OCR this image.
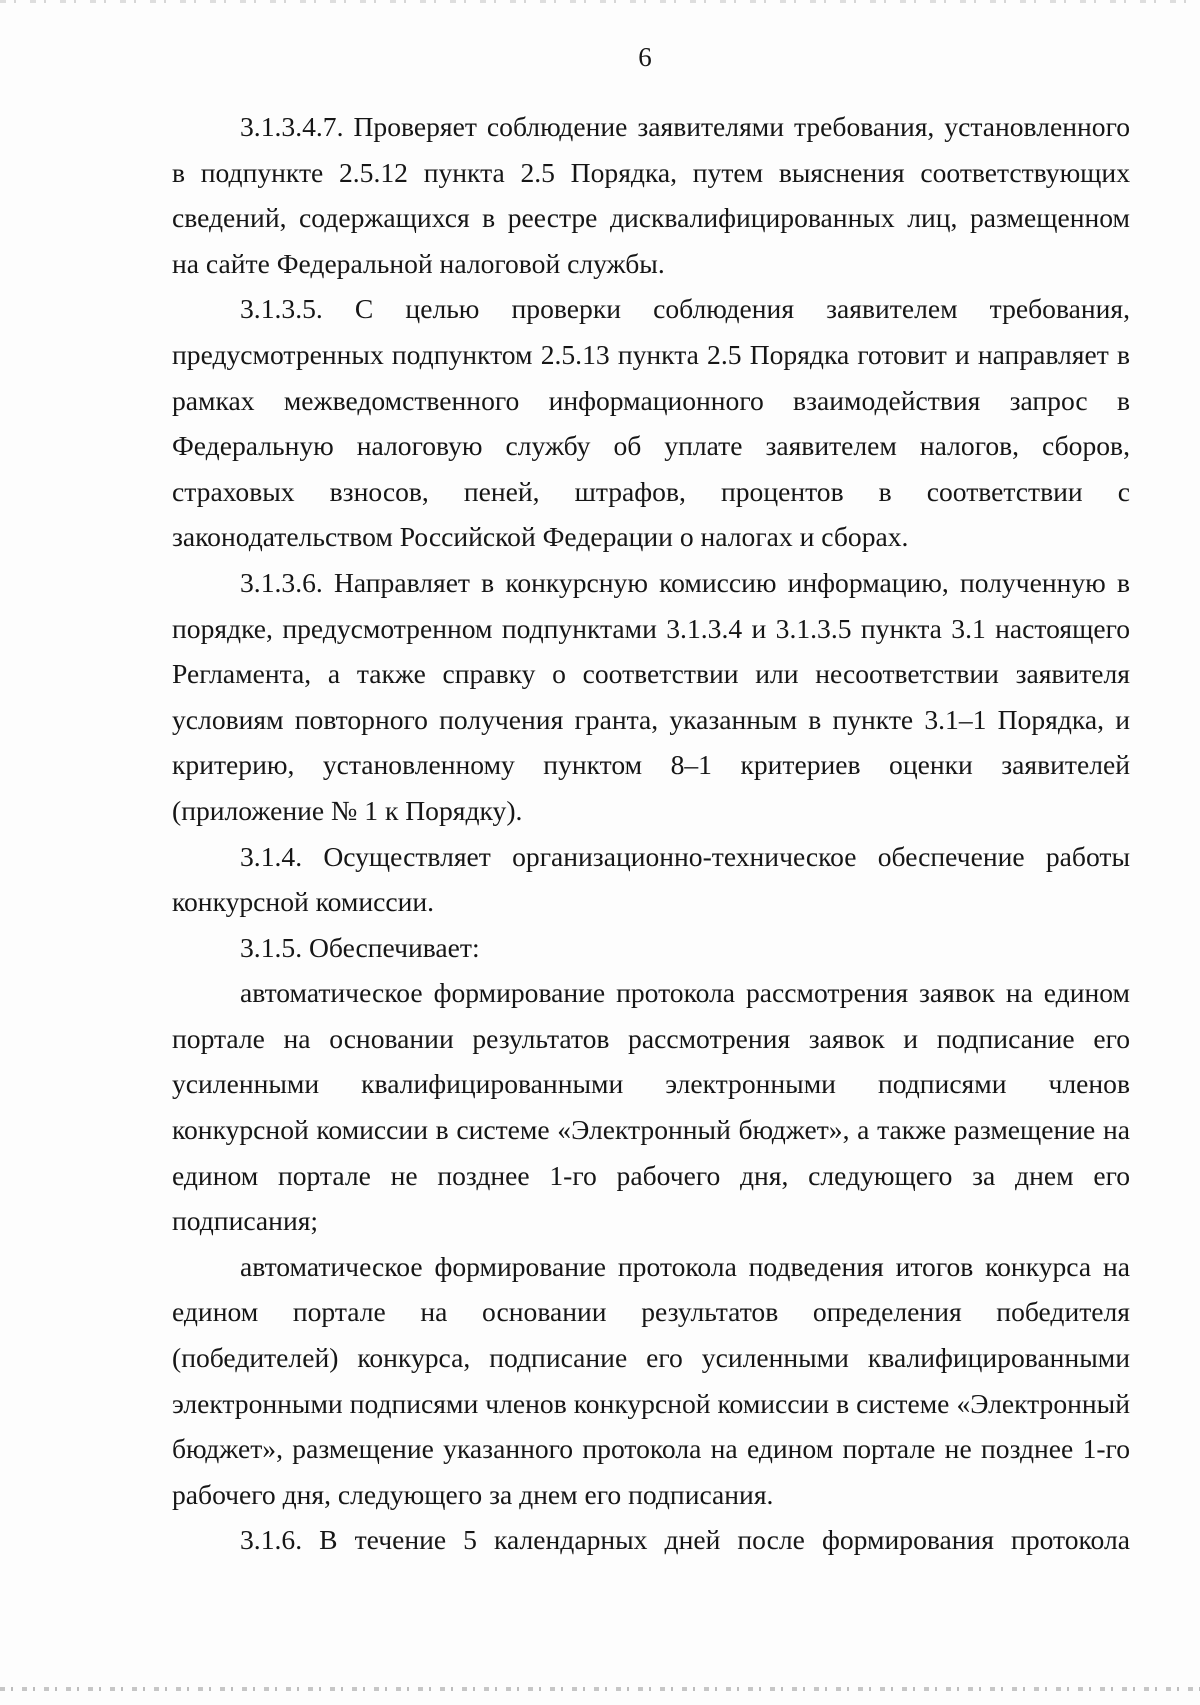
6

3.1.3.4.7. Проверяет соблюдение заявителями требования, установленного в подпункте 2.5.12 пункта 2.5 Порядка, путем выяснения соответствующих сведений, содержащихся в реестре дисквалифицированных лиц, размещенном на сайте Федеральной налоговой службы.

3.1.3.5. С целью проверки соблюдения заявителем требования, предусмотренных подпунктом 2.5.13 пункта 2.5 Порядка готовит и направляет в рамках межведомственного информационного взаимодействия запрос в Федеральную налоговую службу об уплате заявителем налогов, сборов, страховых взносов, пеней, штрафов, процентов в соответствии с законодательством Российской Федерации о налогах и сборах.

3.1.3.6. Направляет в конкурсную комиссию информацию, полученную в порядке, предусмотренном подпунктами 3.1.3.4 и 3.1.3.5 пункта 3.1 настоящего Регламента, а также справку о соответствии или несоответствии заявителя условиям повторного получения гранта, указанным в пункте 3.1–1 Порядка, и критерию, установленному пунктом 8–1 критериев оценки заявителей (приложение № 1 к Порядку).

3.1.4. Осуществляет организационно-техническое обеспечение работы конкурсной комиссии.

3.1.5. Обеспечивает:

автоматическое формирование протокола рассмотрения заявок на едином портале на основании результатов рассмотрения заявок и подписание его усиленными квалифицированными электронными подписями членов конкурсной комиссии в системе «Электронный бюджет», а также размещение на едином портале не позднее 1-го рабочего дня, следующего за днем его подписания;

автоматическое формирование протокола подведения итогов конкурса на едином портале на основании результатов определения победителя (победителей) конкурса, подписание его усиленными квалифицированными электронными подписями членов конкурсной комиссии в системе «Электронный бюджет», размещение указанного протокола на едином портале не позднее 1-го рабочего дня, следующего за днем его подписания.

3.1.6. В течение 5 календарных дней после формирования протокола
